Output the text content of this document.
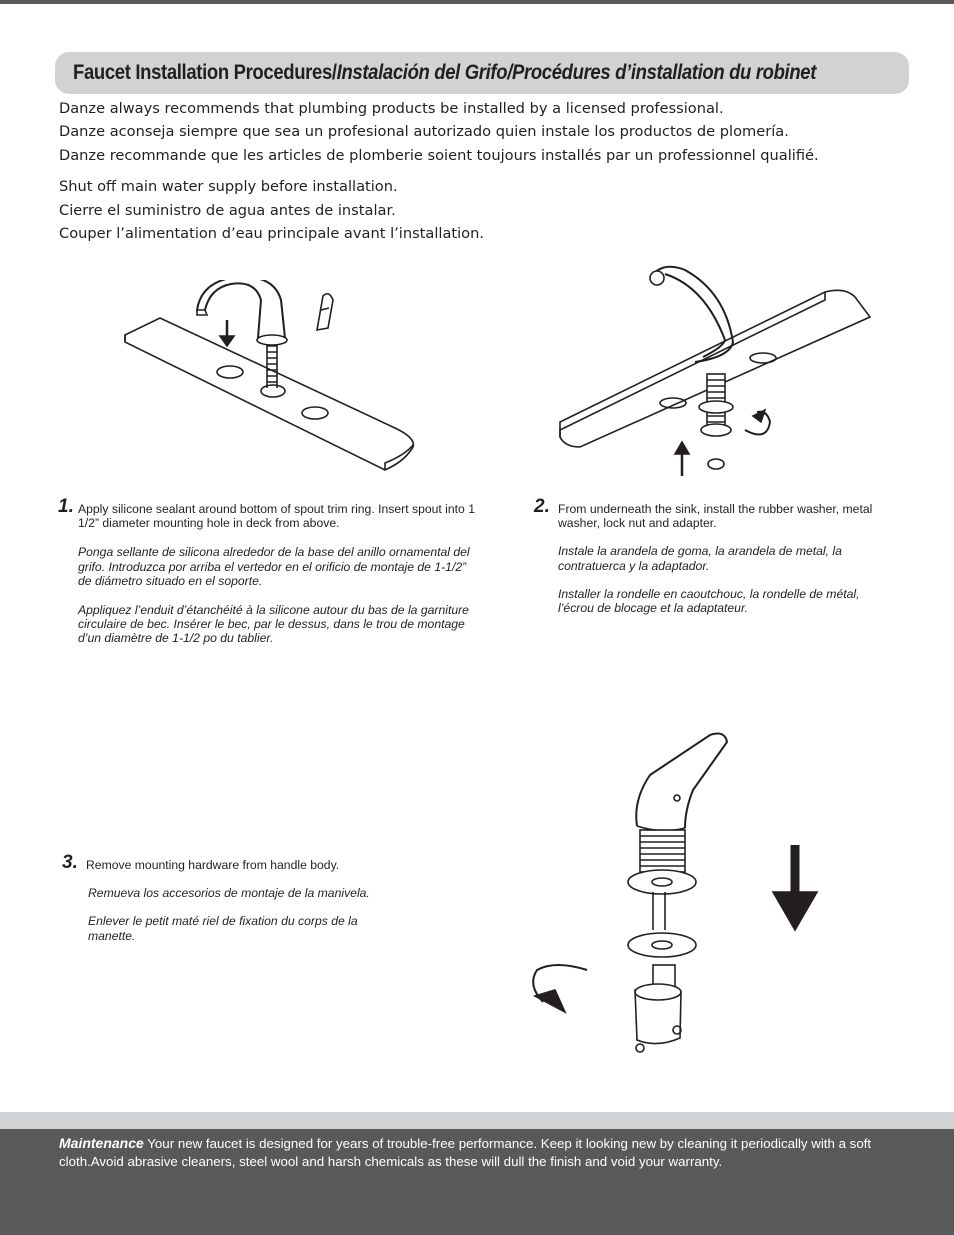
Faucet Installation Procedures/Instalación del Grifo/Procédures d’installation du robinet
Danze always recommends that plumbing products be installed by a licensed professional.
Danze aconseja siempre que sea un profesional autorizado quien instale los productos de plomería.
Danze recommande que les articles de plomberie soient toujours installés par un professionnel qualifié.
Shut off main water supply before installation.
Cierre el suministro de agua antes de instalar.
Couper l’alimentation d’eau principale avant l’installation.
1. Apply silicone sealant around bottom of spout trim ring. Insert spout into 1 1/2” diameter mounting hole in deck from above.

Ponga sellante de silicona alrededor de la base del anillo ornamental del grifo. Introduzca por arriba el vertedor en el orificio de montaje de 1-1/2” de diámetro situado en el soporte.

Appliquez l’enduit d’étanchéité à la silicone autour du bas de la garniture circulaire de bec. Insérer le bec, par le dessus, dans le trou de montage d’un diamètre de 1-1/2 po du tablier.

2. From underneath the sink, install the rubber washer, metal washer, lock nut and adapter.

Instale la arandela de goma, la arandela de metal, la contratuerca y la adaptador.

Installer la rondelle en caoutchouc, la rondelle de métal, l’écrou de blocage et la adaptateur.

3. Remove mounting hardware from handle body.

Remueva los accesorios de montaje de la manivela.

Enlever le petit maté riel de fixation du corps de la manette.

Maintenance Your new faucet is designed for years of trouble-free performance. Keep it looking new by cleaning it periodically with a soft cloth.Avoid abrasive cleaners, steel wool and harsh chemicals as these will dull the finish and void your warranty.
